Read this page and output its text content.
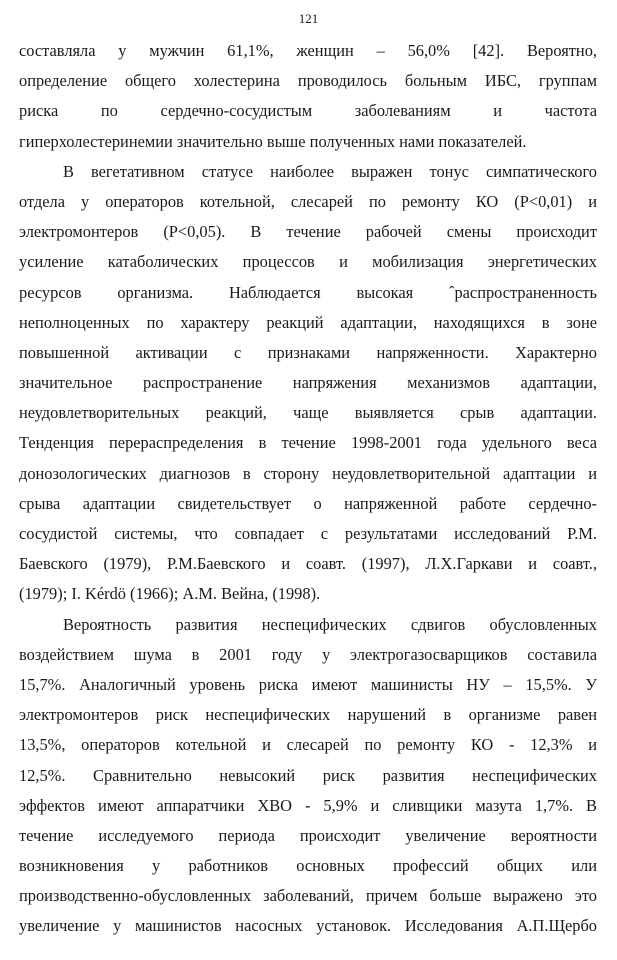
121
составляла у мужчин 61,1%, женщин – 56,0% [42]. Вероятно,
определение общего холестерина проводилось больным ИБС, группам
риска по сердечно-сосудистым заболеваниям и частота
гиперхолестеринемии значительно выше полученных нами показателей.
В вегетативном статусе наиболее выражен тонус симпатического
отдела у операторов котельной, слесарей по ремонту КО (Р<0,01) и
электромонтеров (Р<0,05). В течение рабочей смены происходит
усиление катаболических процессов и мобилизация энергетических
ресурсов организма. Наблюдается высокая ˆраспространенность
неполноценных по характеру реакций адаптации, находящихся в зоне
повышенной активации с признаками напряженности. Характерно
значительное распространение напряжения механизмов адаптации,
неудовлетворительных реакций, чаще выявляется срыв адаптации.
Тенденция перераспределения в течение 1998-2001 года удельного веса
донозологических диагнозов в сторону неудовлетворительной адаптации и
срыва адаптации свидетельствует о напряженной работе сердечно-
сосудистой системы, что совпадает с результатами исследований Р.М.
Баевского (1979), Р.М.Баевского и соавт. (1997), Л.Х.Гаркави и соавт.,
(1979); I. Kérdö (1966); А.М. Вейна, (1998).
Вероятность развития неспецифических сдвигов обусловленных
воздействием шума в 2001 году у электрогазосварщиков составила
15,7%. Аналогичный уровень риска имеют машинисты НУ – 15,5%. У
электромонтеров риск неспецифических нарушений в организме равен
13,5%, операторов котельной и слесарей по ремонту КО - 12,3% и
12,5%. Сравнительно невысокий риск развития неспецифических
эффектов имеют аппаратчики ХВО - 5,9% и сливщики мазута 1,7%. В
течение исследуемого периода происходит увеличение вероятности
возникновения у работников основных профессий общих или
производственно-обусловленных заболеваний, причем больше выражено это
увеличение у машинистов насосных установок. Исследования А.П.Щербо
